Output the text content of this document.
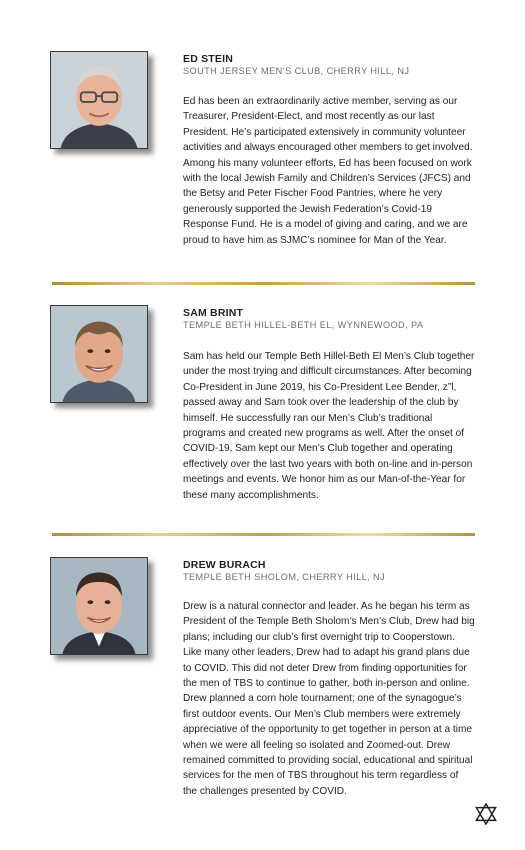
ED STEIN
SOUTH JERSEY MEN’S CLUB, CHERRY HILL, NJ

Ed has been an extraordinarily active member, serving as our Treasurer, President-Elect, and most recently as our last President. He’s participated extensively in community volunteer activities and always encouraged other members to get involved. Among his many volunteer efforts, Ed has been focused on work with the local Jewish Family and Children’s Services (JFCS) and the Betsy and Peter Fischer Food Pantries, where he very generously supported the Jewish Federation’s Covid-19 Response Fund. He is a model of giving and caring, and we are proud to have him as SJMC’s nominee for Man of the Year.

SAM BRINT
TEMPLE BETH HILLEL-BETH EL, WYNNEWOOD, PA

Sam has held our Temple Beth Hillel-Beth El Men’s Club together under the most trying and difficult circumstances. After becoming Co-President in June 2019, his Co-President Lee Bender, z”l, passed away and Sam took over the leadership of the club by himself. He successfully ran our Men’s Club’s traditional programs and created new programs as well. After the onset of COVID-19, Sam kept our Men’s Club together and operating effectively over the last two years with both on-line and in-person meetings and events. We honor him as our Man-of-the-Year for these many accomplishments.

DREW BURACH
TEMPLE BETH SHOLOM, CHERRY HILL, NJ

Drew is a natural connector and leader. As he began his term as President of the Temple Beth Sholom’s Men’s Club, Drew had big plans; including our club’s first overnight trip to Cooperstown. Like many other leaders, Drew had to adapt his grand plans due to COVID. This did not deter Drew from finding opportunities for the men of TBS to continue to gather, both in-person and online. Drew planned a corn hole tournament; one of the synagogue’s first outdoor events. Our Men’s Club members were extremely appreciative of the opportunity to get together in person at a time when we were all feeling so isolated and Zoomed-out. Drew remained committed to providing social, educational and spiritual services for the men of TBS throughout his term regardless of the challenges presented by COVID.
